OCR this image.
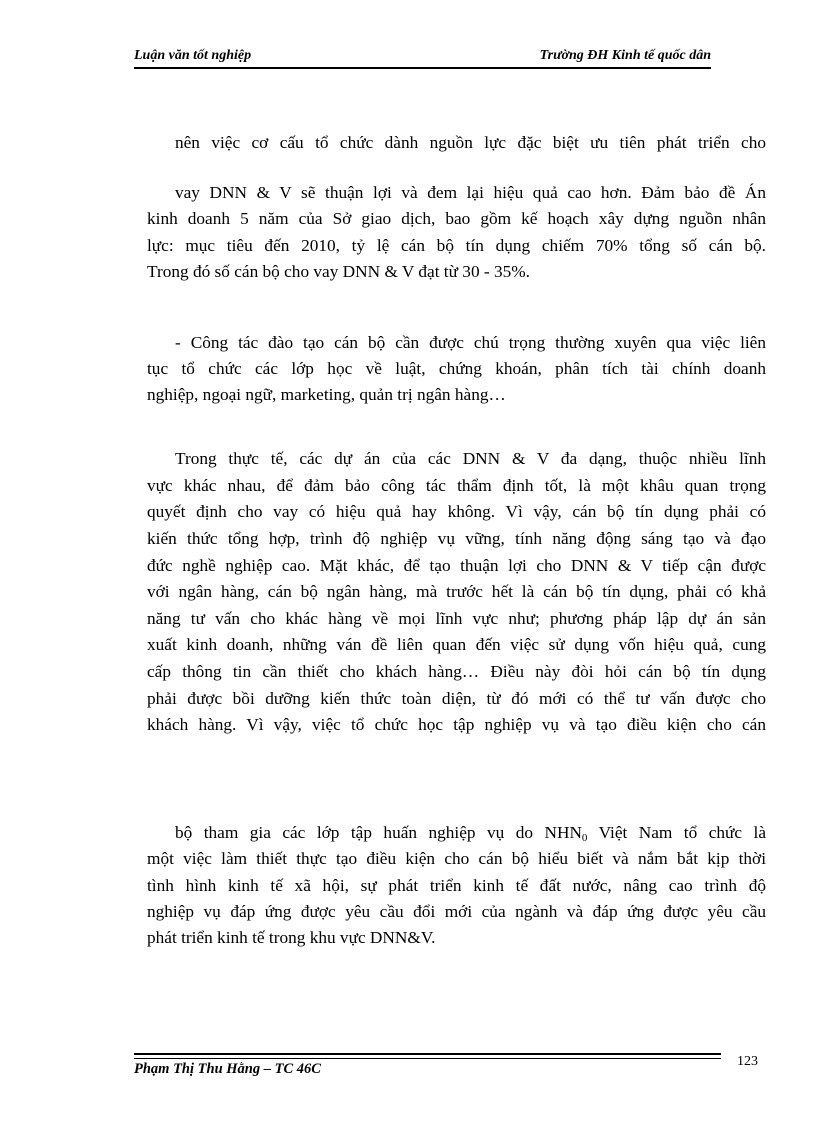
Luận văn tốt nghiệp	Trường ĐH Kinh tế quốc dân
nên việc cơ cấu tổ chức dành nguồn lực đặc biệt ưu tiên phát triển cho
vay DNN & V sẽ thuận lợi và đem lại hiệu quả cao hơn. Đảm bảo đề Án
kinh doanh 5 năm của Sở giao dịch, bao gồm kế hoạch xây dựng nguồn nhân
lực: mục tiêu đến 2010, tỷ lệ cán bộ tín dụng chiếm 70% tổng số cán bộ.
Trong đó số cán bộ cho vay DNN & V đạt từ 30 - 35%.
- Công tác đào tạo cán bộ cần được chú trọng thường xuyên qua việc liên
tục tổ chức các lớp học về luật, chứng khoán, phân tích tài chính doanh
nghiệp, ngoại ngữ, marketing, quản trị ngân hàng…
Trong thực tế, các dự án của các DNN & V đa dạng, thuộc nhiều lĩnh
vực khác nhau, để đảm bảo công tác thẩm định tốt, là một khâu quan trọng
quyết định cho vay có hiệu quả hay không. Vì vậy, cán bộ tín dụng phải có
kiến thức tổng hợp, trình độ nghiệp vụ vững, tính năng động sáng tạo và đạo
đức nghề nghiệp cao. Mặt khác, để tạo thuận lợi cho DNN & V tiếp cận được
với ngân hàng, cán bộ ngân hàng, mà trước hết là cán bộ tín dụng, phải có khả
năng tư vấn cho khác hàng về mọi lĩnh vực như; phương pháp lập dự án sản
xuất kinh doanh, những ván đề liên quan đến việc sử dụng vốn hiệu quả, cung
cấp thông tin cần thiết cho khách hàng… Điều này đòi hỏi cán bộ tín dụng
phải được bồi dưỡng kiến thức toàn diện, từ đó mới có thể tư vấn được cho
khách hàng. Vì vậy, việc tổ chức học tập nghiệp vụ và tạo điều kiện cho cán
bộ tham gia các lớp tập huấn nghiệp vụ do $NHN_0$ Việt Nam tổ chức là
một việc làm thiết thực tạo điều kiện cho cán bộ hiểu biết và nắm bắt kịp thời
tình hình kinh tế xã hội, sự phát triển kinh tế đất nước, nâng cao trình độ
nghiệp vụ đáp ứng được yêu cầu đổi mới của ngành và đáp ứng được yêu cầu
phát triển kinh tế trong khu vực DNN&V.
Phạm Thị Thu Hằng – TC 46C	123
